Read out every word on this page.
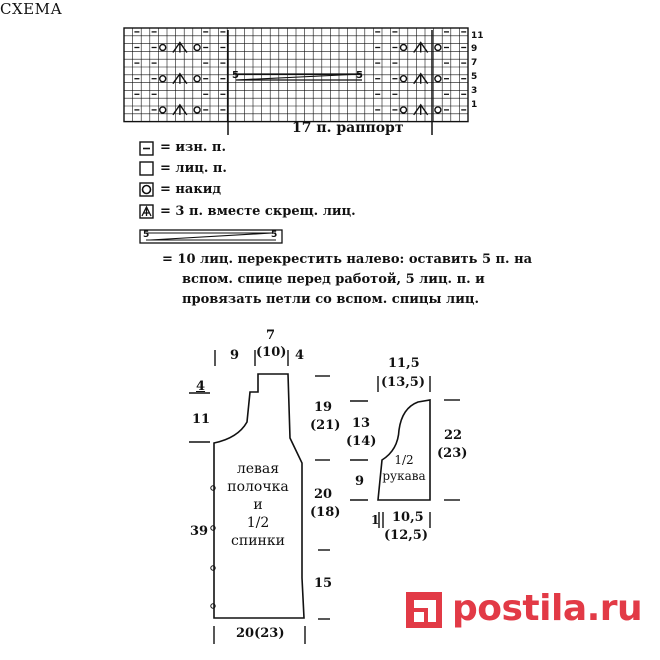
СХЕМА
11
9
7
5
3
1
5	5
17 п. раппорт
= изн. п.
= лиц. п.
= накид
= 3 п. вместе скрещ. лиц.
5	5
= 10 лиц. перекрестить налево: оставить 5 п. на
вспом. спице перед работой, 5 лиц. п. и
провязать петли со вспом. спицы лиц.
7
(10)
9	4
4
11
39
19
(21)
20
(18)
15
20(23)
левая
полочка
и
1/2
спинки
11,5
(13,5)
13
(14)
9
22
(23)
1 10,5
(12,5)
1/2
рукава
postila.ru
